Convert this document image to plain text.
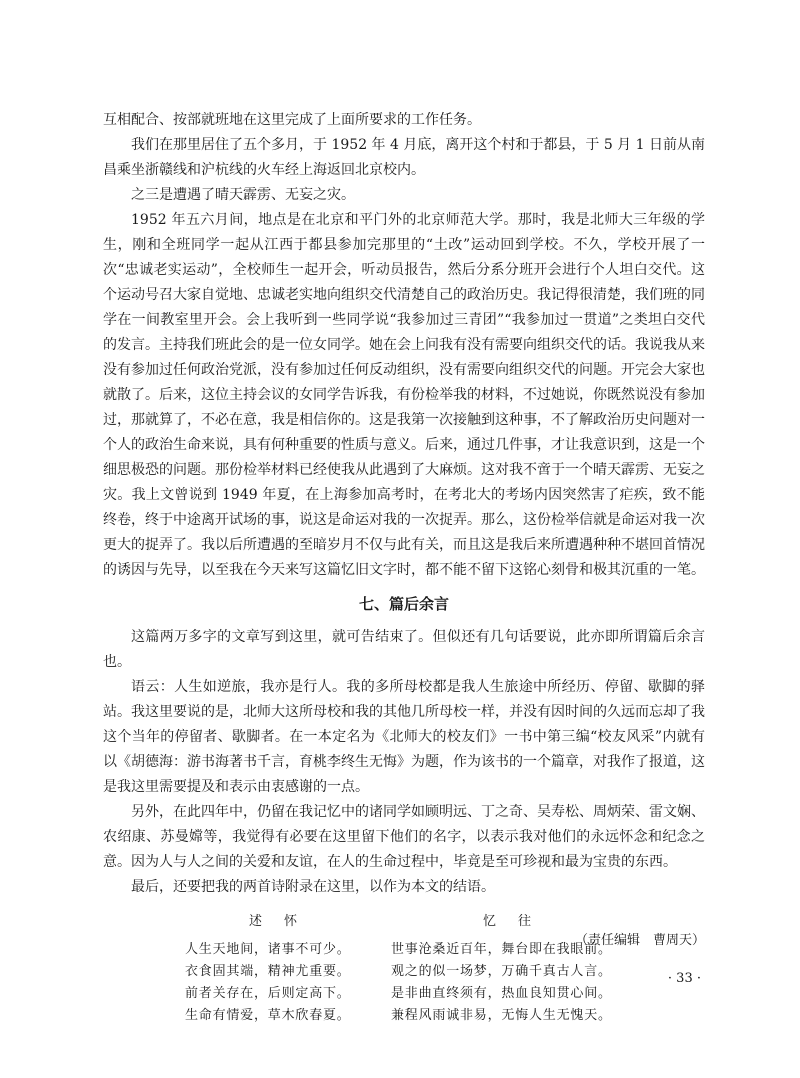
互相配合、按部就班地在这里完成了上面所要求的工作任务。

我们在那里居住了五个多月，于 1952 年 4 月底，离开这个村和于都县，于 5 月 1 日前从南昌乘坐浙赣线和沪杭线的火车经上海返回北京校内。

之三是遭遇了晴天霹雳、无妄之灾。

1952 年五六月间，地点是在北京和平门外的北京师范大学。那时，我是北师大三年级的学生，刚和全班同学一起从江西于都县参加完那里的“土改”运动回到学校。不久，学校开展了一次“忠诚老实运动”，全校师生一起开会，听动员报告，然后分系分班开会进行个人坦白交代。这个运动号召大家自觉地、忠诚老实地向组织交代清楚自己的政治历史。我记得很清楚，我们班的同学在一间教室里开会。会上我听到一些同学说“我参加过三青团”“我参加过一贯道”之类坦白交代的发言。主持我们班此会的是一位女同学。她在会上问我有没有需要向组织交代的话。我说我从来没有参加过任何政治党派，没有参加过任何反动组织，没有需要向组织交代的问题。开完会大家也就散了。后来，这位主持会议的女同学告诉我，有份检举我的材料，不过她说，你既然说没有参加过，那就算了，不必在意，我是相信你的。这是我第一次接触到这种事，不了解政治历史问题对一个人的政治生命来说，具有何种重要的性质与意义。后来，通过几件事，才让我意识到，这是一个细思极恐的问题。那份检举材料已经使我从此遇到了大麻烦。这对我不啻于一个晴天霹雳、无妄之灾。我上文曾说到 1949 年夏，在上海参加高考时，在考北大的考场内因突然害了疟疾，致不能终卷，终于中途离开试场的事，说这是命运对我的一次捉弄。那么，这份检举信就是命运对我一次更大的捉弄了。我以后所遭遇的至暗岁月不仅与此有关，而且这是我后来所遭遇种种不堪回首情况的诱因与先导，以至我在今天来写这篇忆旧文字时，都不能不留下这铭心刻骨和极其沉重的一笔。

七、篇后余言

这篇两万多字的文章写到这里，就可告结束了。但似还有几句话要说，此亦即所谓篇后余言也。

语云：人生如逆旅，我亦是行人。我的多所母校都是我人生旅途中所经历、停留、歇脚的驿站。我这里要说的是，北师大这所母校和我的其他几所母校一样，并没有因时间的久远而忘却了我这个当年的停留者、歇脚者。在一本定名为《北师大的校友们》一书中第三编“校友风采”内就有以《胡德海：游书海著书千言，育桃李终生无悔》为题，作为该书的一个篇章，对我作了报道，这是我这里需要提及和表示由衷感谢的一点。

另外，在此四年中，仍留在我记忆中的诸同学如顾明远、丁之奇、吴寿松、周炳荣、雷文娴、农绍康、苏曼嫦等，我觉得有必要在这里留下他们的名字，以表示我对他们的永远怀念和纪念之意。因为人与人之间的关爱和友谊，在人的生命过程中，毕竟是至可珍视和最为宝贵的东西。

最后，还要把我的两首诗附录在这里，以作为本文的结语。

述怀
人生天地间，诸事不可少。
衣食固其端，精神尤重要。
前者关存在，后则定高下。
生命有情爱，草木欣春夏。
忆往
世事沧桑近百年，舞台即在我眼前。
观之的似一场梦，万确千真古人言。
是非曲直终须有，热血良知贯心间。
兼程风雨诚非易，无悔人生无愧天。
（责任编辑　曹周天）
· 33 ·
